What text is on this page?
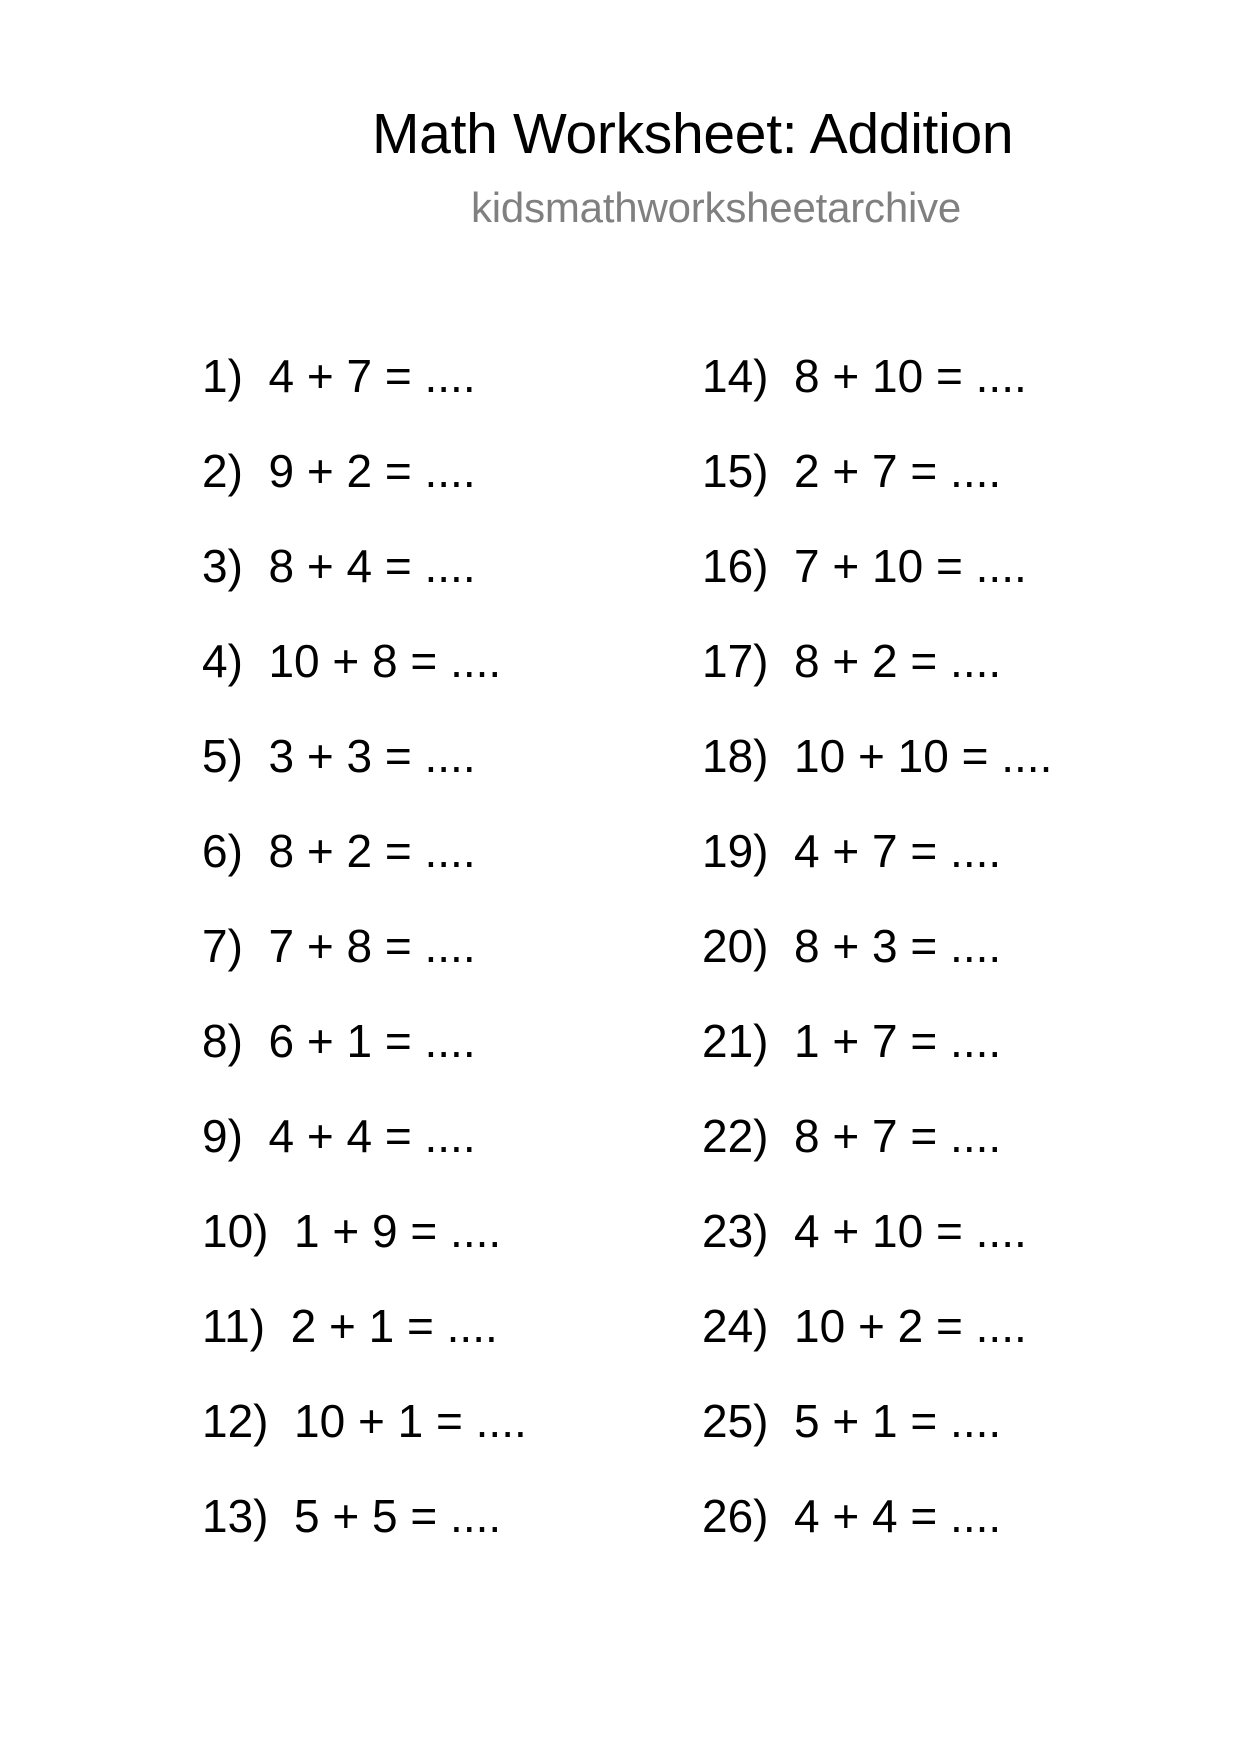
Math Worksheet: Addition
kidsmathworksheetarchive
1) 4 + 7 = ....
2) 9 + 2 = ....
3) 8 + 4 = ....
4) 10 + 8 = ....
5) 3 + 3 = ....
6) 8 + 2 = ....
7) 7 + 8 = ....
8) 6 + 1 = ....
9) 4 + 4 = ....
10) 1 + 9 = ....
11) 2 + 1 = ....
12) 10 + 1 = ....
13) 5 + 5 = ....
14) 8 + 10 = ....
15) 2 + 7 = ....
16) 7 + 10 = ....
17) 8 + 2 = ....
18) 10 + 10 = ....
19) 4 + 7 = ....
20) 8 + 3 = ....
21) 1 + 7 = ....
22) 8 + 7 = ....
23) 4 + 10 = ....
24) 10 + 2 = ....
25) 5 + 1 = ....
26) 4 + 4 = ....
